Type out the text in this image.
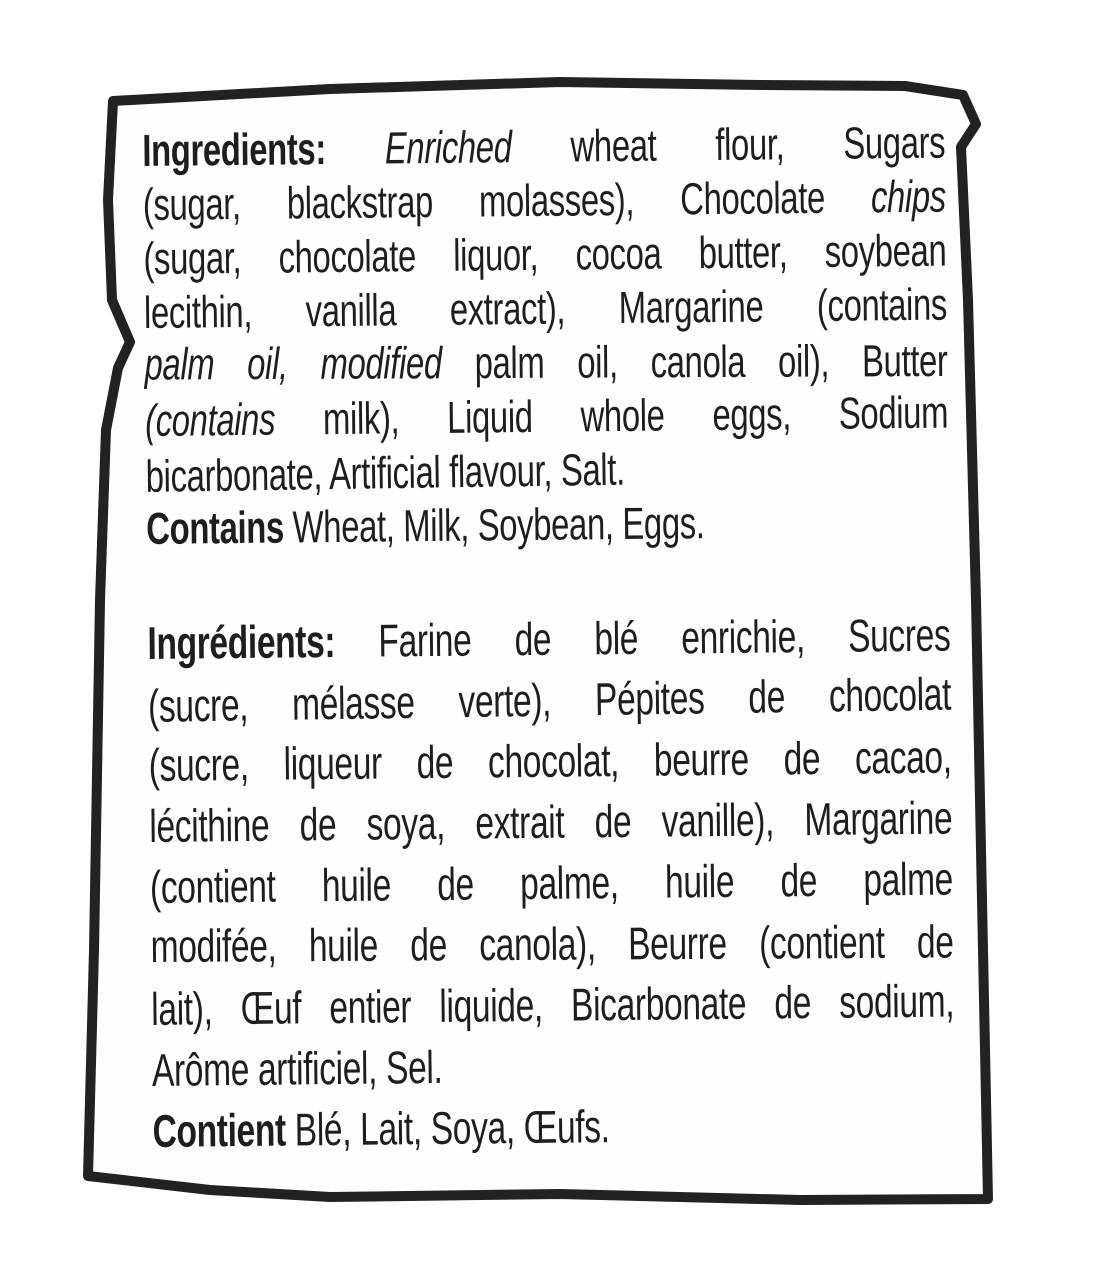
Ingredients: Enriched wheat flour, Sugars
(sugar, blackstrap molasses), Chocolate chips
(sugar, chocolate liquor, cocoa butter, soybean
lecithin, vanilla extract), Margarine (contains
palm oil, modified palm oil, canola oil), Butter
(contains milk), Liquid whole eggs, Sodium
bicarbonate, Artificial flavour, Salt.
Contains Wheat, Milk, Soybean, Eggs.
Ingrédients: Farine de blé enrichie, Sucres
(sucre, mélasse verte), Pépites de chocolat
(sucre, liqueur de chocolat, beurre de cacao,
lécithine de soya, extrait de vanille), Margarine
(contient huile de palme, huile de palme
modifée, huile de canola), Beurre (contient de
lait), Œuf entier liquide, Bicarbonate de sodium,
Arôme artificiel, Sel.
Contient Blé, Lait, Soya, Œufs.
